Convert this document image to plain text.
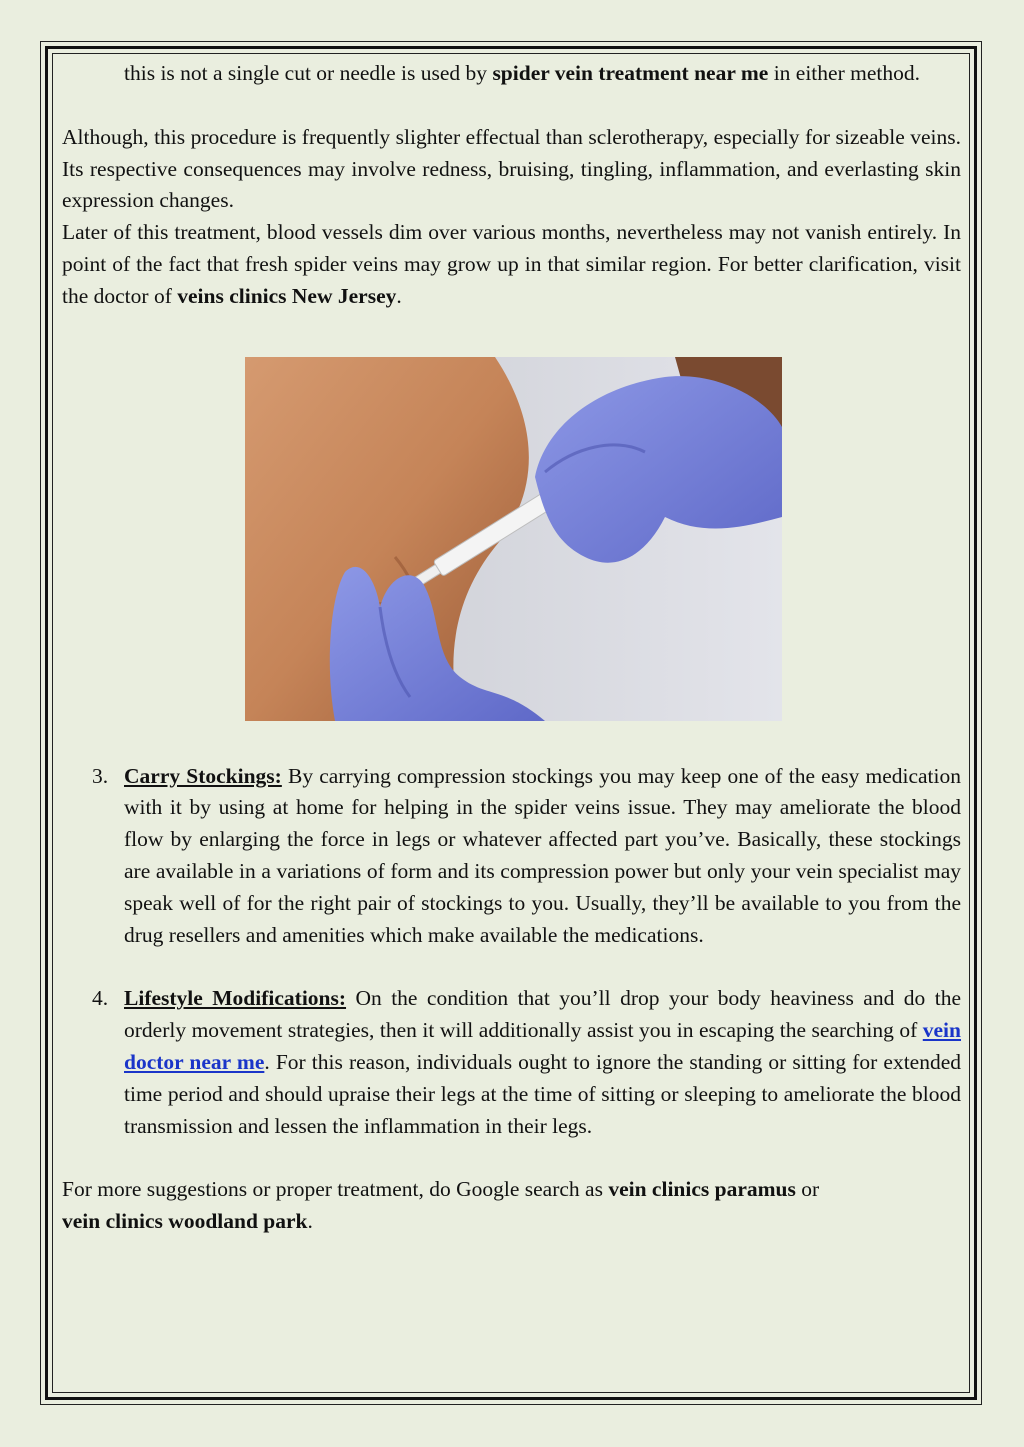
this is not a single cut or needle is used by spider vein treatment near me in either method.

Although, this procedure is frequently slighter effectual than sclerotherapy, especially for sizeable veins. Its respective consequences may involve redness, bruising, tingling, inflammation, and everlasting skin expression changes.

Later of this treatment, blood vessels dim over various months, nevertheless may not vanish entirely. In point of the fact that fresh spider veins may grow up in that similar region. For better clarification, visit the doctor of veins clinics New Jersey.

3. Carry Stockings: By carrying compression stockings you may keep one of the easy medication with it by using at home for helping in the spider veins issue. They may ameliorate the blood flow by enlarging the force in legs or whatever affected part you’ve. Basically, these stockings are available in a variations of form and its compression power but only your vein specialist may speak well of for the right pair of stockings to you. Usually, they’ll be available to you from the drug resellers and amenities which make available the medications.
4. Lifestyle Modifications: On the condition that you’ll drop your body heaviness and do the orderly movement strategies, then it will additionally assist you in escaping the searching of vein doctor near me. For this reason, individuals ought to ignore the standing or sitting for extended time period and should upraise their legs at the time of sitting or sleeping to ameliorate the blood transmission and lessen the inflammation in their legs.

For more suggestions or proper treatment, do Google search as vein clinics paramus or
vein clinics woodland park.
